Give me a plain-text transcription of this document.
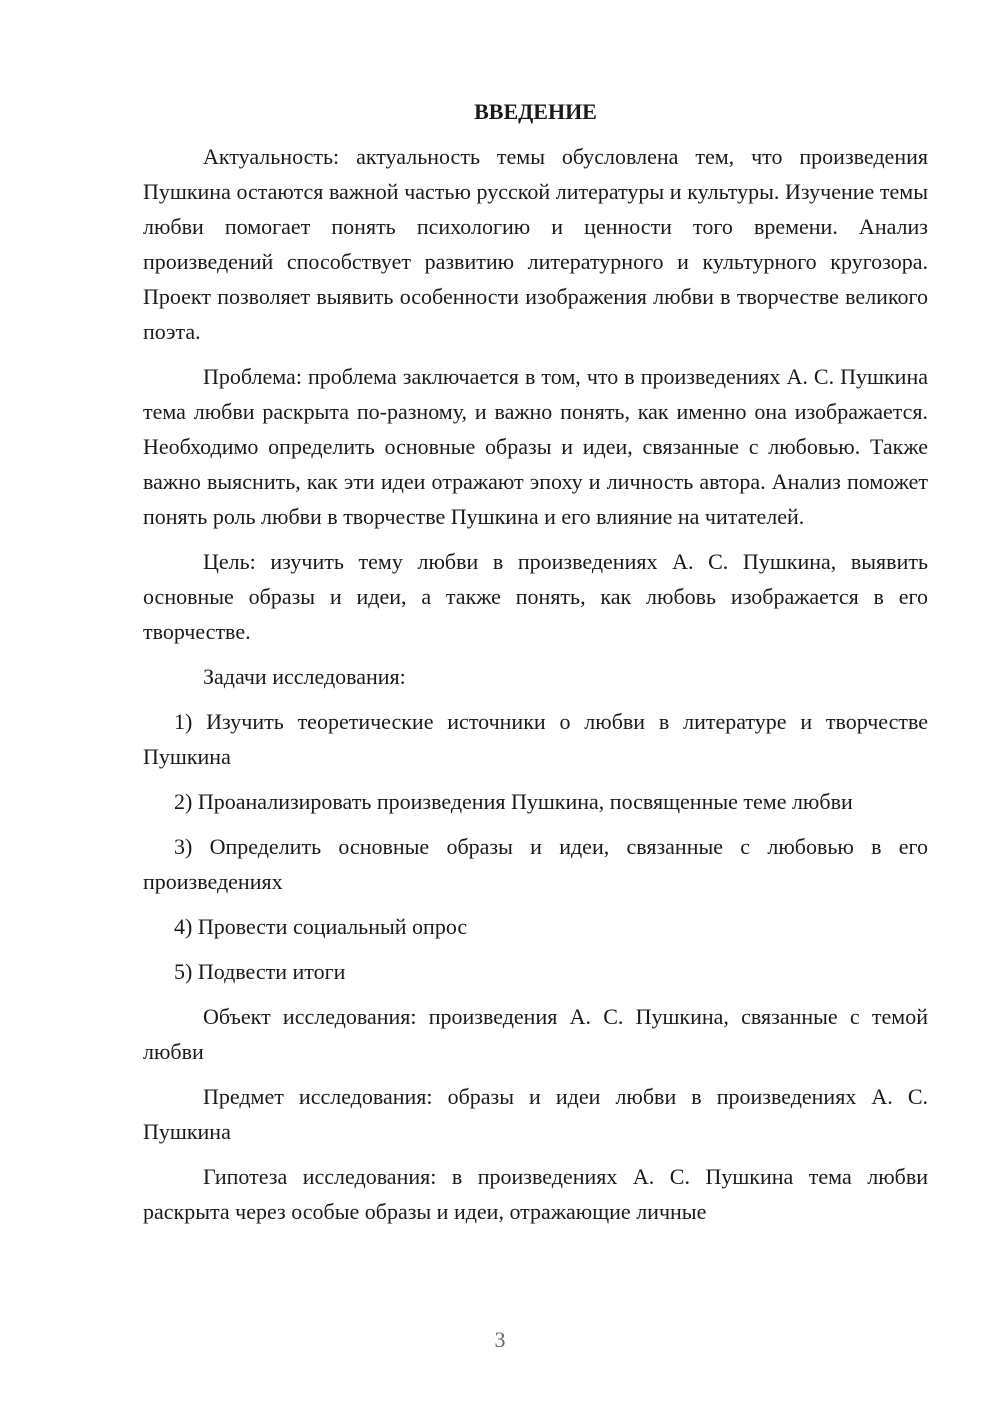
ВВЕДЕНИЕ

Актуальность: актуальность темы обусловлена тем, что произведения Пушкина остаются важной частью русской литературы и культуры. Изучение темы любви помогает понять психологию и ценности того времени. Анализ произведений способствует развитию литературного и культурного кругозора. Проект позволяет выявить особенности изображения любви в творчестве великого поэта.

Проблема: проблема заключается в том, что в произведениях А. С. Пушкина тема любви раскрыта по-разному, и важно понять, как именно она изображается. Необходимо определить основные образы и идеи, связанные с любовью. Также важно выяснить, как эти идеи отражают эпоху и личность автора. Анализ поможет понять роль любви в творчестве Пушкина и его влияние на читателей.

Цель: изучить тему любви в произведениях А. С. Пушкина, выявить основные образы и идеи, а также понять, как любовь изображается в его творчестве.

Задачи исследования:

1) Изучить теоретические источники о любви в литературе и творчестве Пушкина

2) Проанализировать произведения Пушкина, посвященные теме любви

3) Определить основные образы и идеи, связанные с любовью в его произведениях

4) Провести социальный опрос

5) Подвести итоги

Объект исследования: произведения А. С. Пушкина, связанные с темой любви

Предмет исследования: образы и идеи любви в произведениях А. С. Пушкина

Гипотеза исследования: в произведениях А. С. Пушкина тема любви раскрыта через особые образы и идеи, отражающие личные

3
